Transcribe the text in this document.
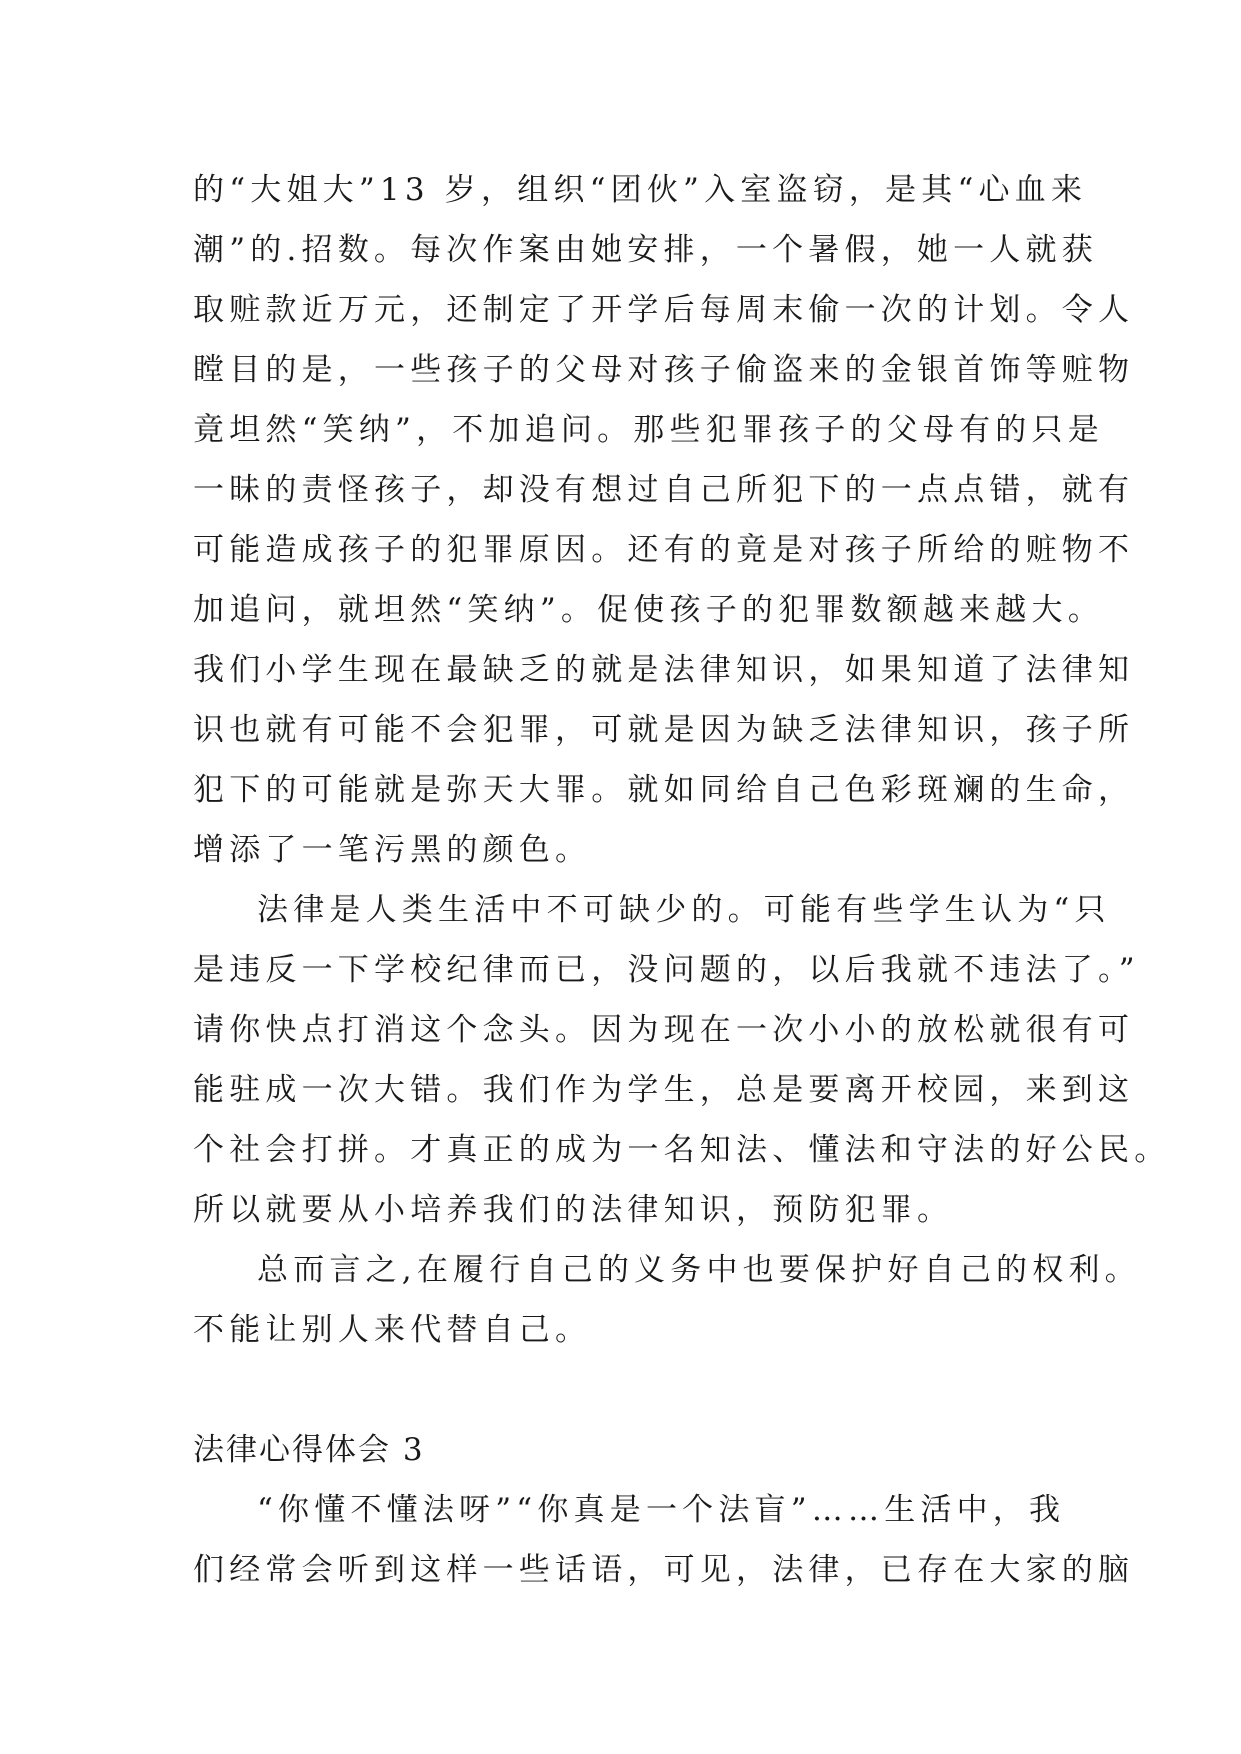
的“大姐大”13 岁，组织“团伙”入室盗窃，是其“心血来
潮”的.招数。每次作案由她安排，一个暑假，她一人就获
取赃款近万元，还制定了开学后每周末偷一次的计划。令人
瞠目的是，一些孩子的父母对孩子偷盗来的金银首饰等赃物
竟坦然“笑纳”，不加追问。那些犯罪孩子的父母有的只是
一昧的责怪孩子，却没有想过自己所犯下的一点点错，就有
可能造成孩子的犯罪原因。还有的竟是对孩子所给的赃物不
加追问，就坦然“笑纳”。促使孩子的犯罪数额越来越大。
我们小学生现在最缺乏的就是法律知识，如果知道了法律知
识也就有可能不会犯罪，可就是因为缺乏法律知识，孩子所
犯下的可能就是弥天大罪。就如同给自己色彩斑斓的生命，
增添了一笔污黑的颜色。
法律是人类生活中不可缺少的。可能有些学生认为“只
是违反一下学校纪律而已，没问题的，以后我就不违法了。”
请你快点打消这个念头。因为现在一次小小的放松就很有可
能驻成一次大错。我们作为学生，总是要离开校园，来到这
个社会打拼。才真正的成为一名知法、懂法和守法的好公民。
所以就要从小培养我们的法律知识，预防犯罪。
总而言之,在履行自己的义务中也要保护好自己的权利。
不能让别人来代替自己。
法律心得体会 3
“你懂不懂法呀”“你真是一个法盲”……生活中，我
们经常会听到这样一些话语，可见，法律，已存在大家的脑
